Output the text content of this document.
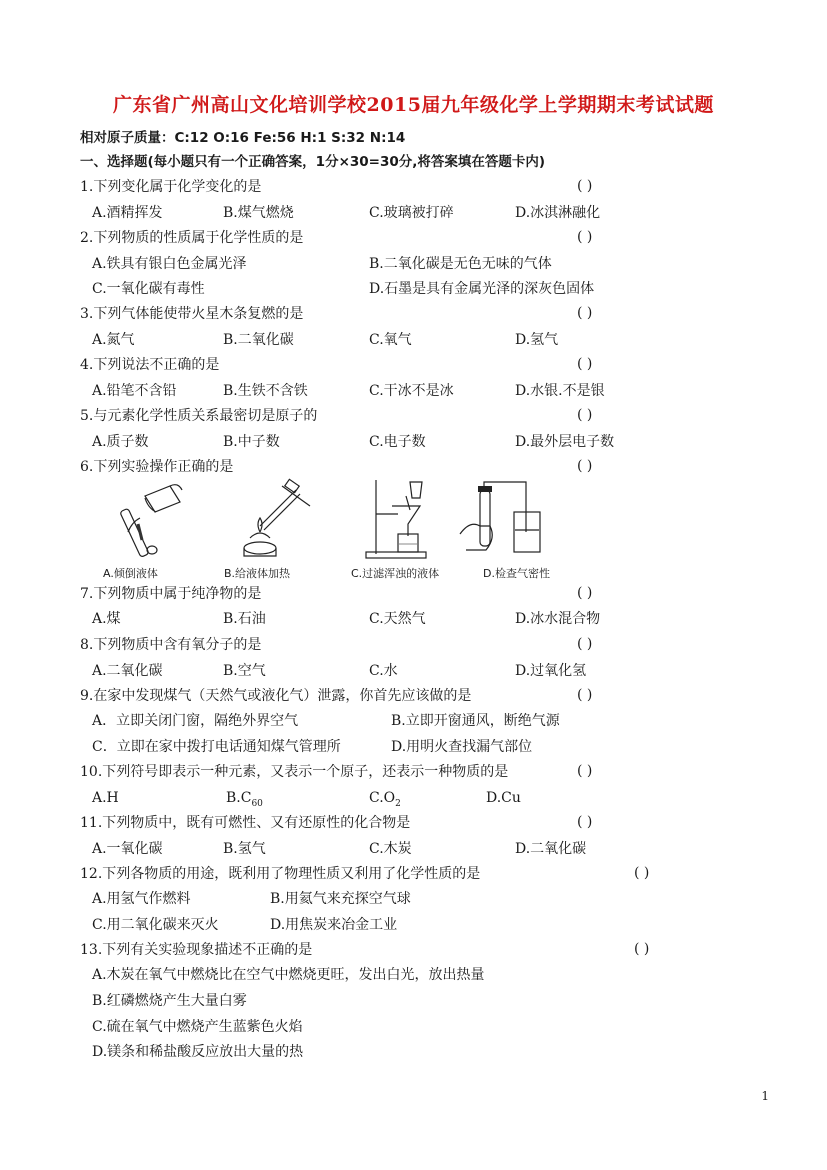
广东省广州高山文化培训学校2015届九年级化学上学期期末考试试题
相对原子质量：C:12 O:16 Fe:56 H:1 S:32 N:14
一、选择题(每小题只有一个正确答案，1分×30=30分,将答案填在答题卡内)
1.下列变化属于化学变化的是	( )
A.酒精挥发	B.煤气燃烧	C.玻璃被打碎	D.冰淇淋融化
2.下列物质的性质属于化学性质的是	( )
A.铁具有银白色金属光泽	B.二氧化碳是无色无味的气体
C.一氧化碳有毒性	D.石墨是具有金属光泽的深灰色固体
3.下列气体能使带火星木条复燃的是	( )
A.氮气	B.二氧化碳	C.氧气	D.氢气
4.下列说法不正确的是	( )
A.铅笔不含铅	B.生铁不含铁	C.干冰不是冰	D.水银.不是银
5.与元素化学性质关系最密切是原子的	( )
A.质子数	B.中子数	C.电子数	D.最外层电子数
6.下列实验操作正确的是	( )
A.倾倒液体	B.给液体加热	C.过滤浑浊的液体	D.检查气密性
7.下列物质中属于纯净物的是	( )
A.煤	B.石油	C.天然气	D.冰水混合物
8.下列物质中含有氧分子的是	( )
A.二氧化碳	B.空气	C.水	D.过氧化氢
9.在家中发现煤气（天然气或液化气）泄露，你首先应该做的是	( )
A．立即关闭门窗，隔绝外界空气	B.立即开窗通风，断绝气源
C．立即在家中拨打电话通知煤气管理所	D.用明火查找漏气部位
10.下列符号即表示一种元素，又表示一个原子，还表示一种物质的是	( )
A.H	$B.C_{60}$	$C.O_2$	D.Cu
11.下列物质中，既有可燃性、又有还原性的化合物是	( )
A.一氧化碳	B.氢气	C.木炭	D.二氧化碳
12.下列各物质的用途，既利用了物理性质又利用了化学性质的是	( )
A.用氢气作燃料	B.用氦气来充探空气球
C.用二氧化碳来灭火	D.用焦炭来冶金工业
13.下列有关实验现象描述不正确的是	( )
A.木炭在氧气中燃烧比在空气中燃烧更旺，发出白光，放出热量
B.红磷燃烧产生大量白雾
C.硫在氧气中燃烧产生蓝紫色火焰
D.镁条和稀盐酸反应放出大量的热
1
